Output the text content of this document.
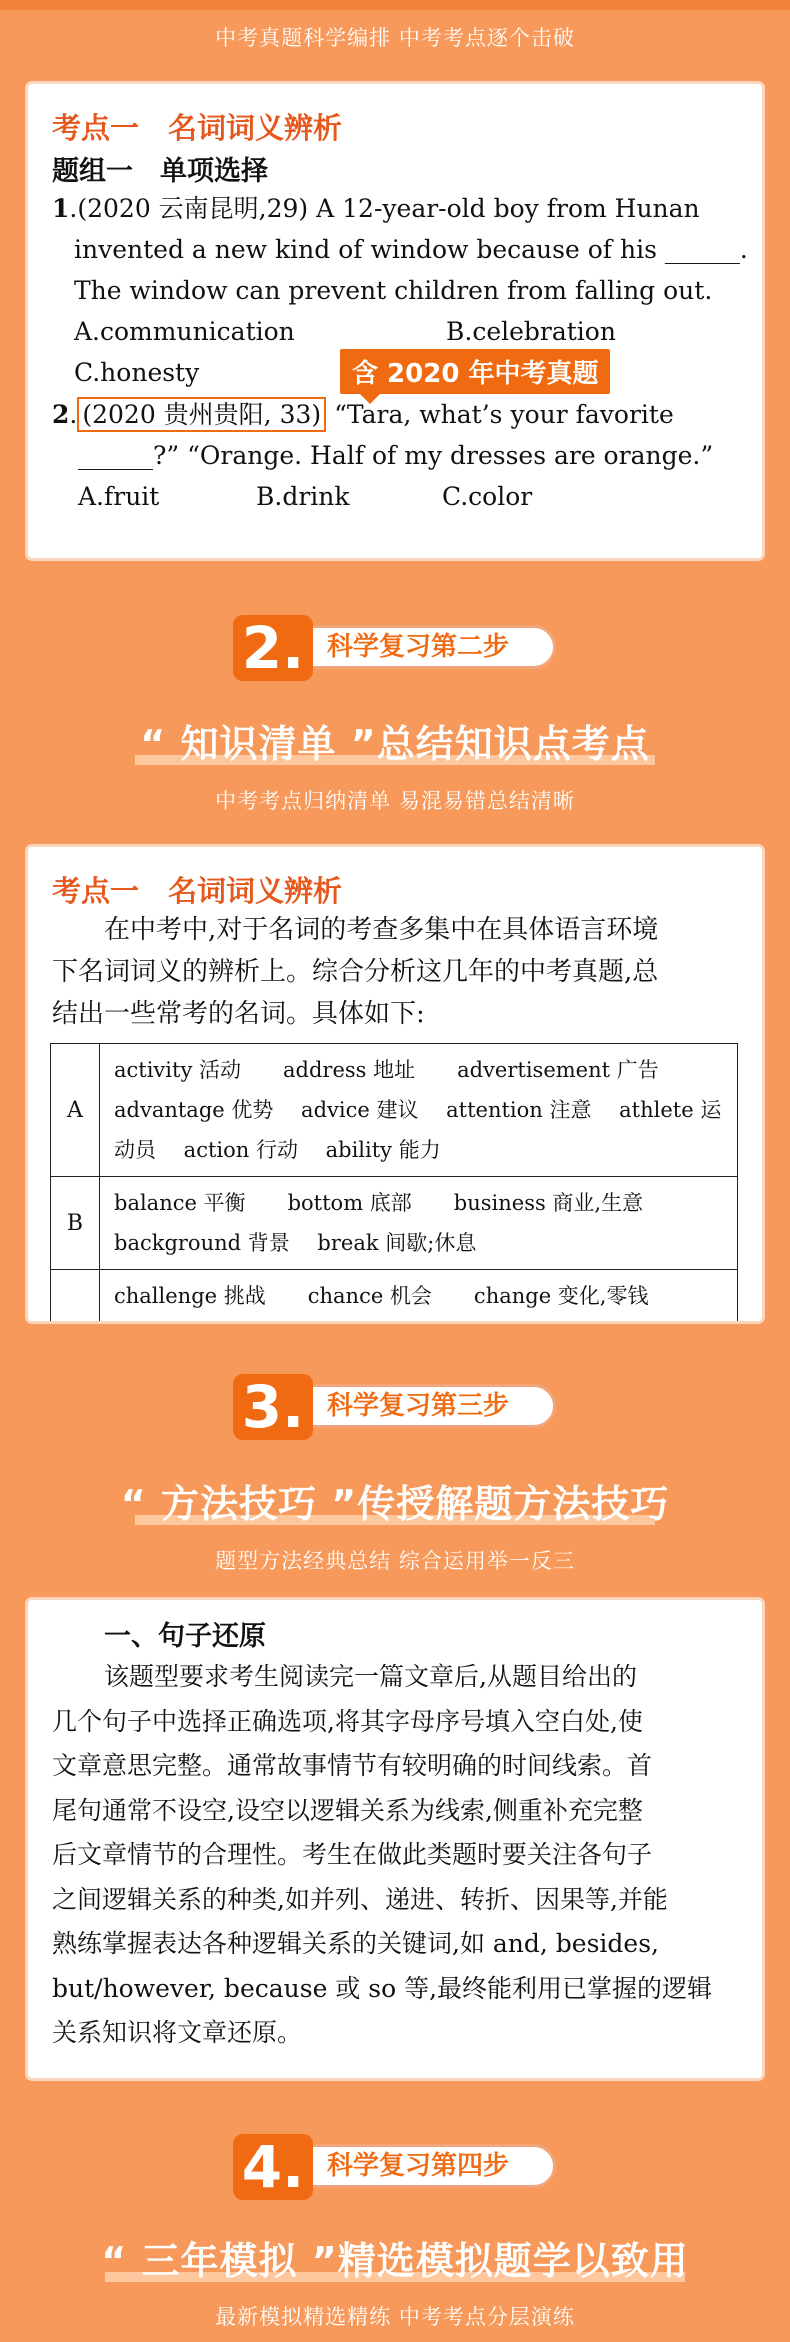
中考真题科学编排 中考考点逐个击破
考点一　名词词义辨析
题组一　单项选择
1.(2020 云南昆明,29) A 12-year-old boy from Hunan
invented a new kind of window because of his ______.
The window can prevent children from falling out.
A.communication	B.celebration
C.honesty	含 2020 年中考真题
2. (2020 贵州贵阳, 33) “Tara, what’s your favorite
______?” “Orange. Half of my dresses are orange.”
A.fruit	B.drink	C.color
科学复习第二步
2.
“ 知识清单 ”总结知识点考点
中考考点归纳清单 易混易错总结清晰
考点一　名词词义辨析
在中考中,对于名词的考查多集中在具体语言环境
下名词词义的辨析上。综合分析这几年的中考真题,总
结出一些常考的名词。具体如下:
A	activity 活动　　address 地址　　advertisement 广告
advantage 优势　 advice 建议　 attention 注意　 athlete 运
动员　 action 行动　 ability 能力

B	balance 平衡　　bottom 底部　　business 商业,生意
background 背景　 break 间歇;休息

	challenge 挑战　　chance 机会　　change 变化,零钱
科学复习第三步
3.
“ 方法技巧 ”传授解题方法技巧
题型方法经典总结 综合运用举一反三
一、句子还原
该题型要求考生阅读完一篇文章后,从题目给出的
几个句子中选择正确选项,将其字母序号填入空白处,使
文章意思完整。通常故事情节有较明确的时间线索。首
尾句通常不设空,设空以逻辑关系为线索,侧重补充完整
后文章情节的合理性。考生在做此类题时要关注各句子
之间逻辑关系的种类,如并列、递进、转折、因果等,并能
熟练掌握表达各种逻辑关系的关键词,如 and, besides,
but/however, because 或 so 等,最终能利用已掌握的逻辑
关系知识将文章还原。
科学复习第四步
4.
“ 三年模拟 ”精选模拟题学以致用
最新模拟精选精练 中考考点分层演练
